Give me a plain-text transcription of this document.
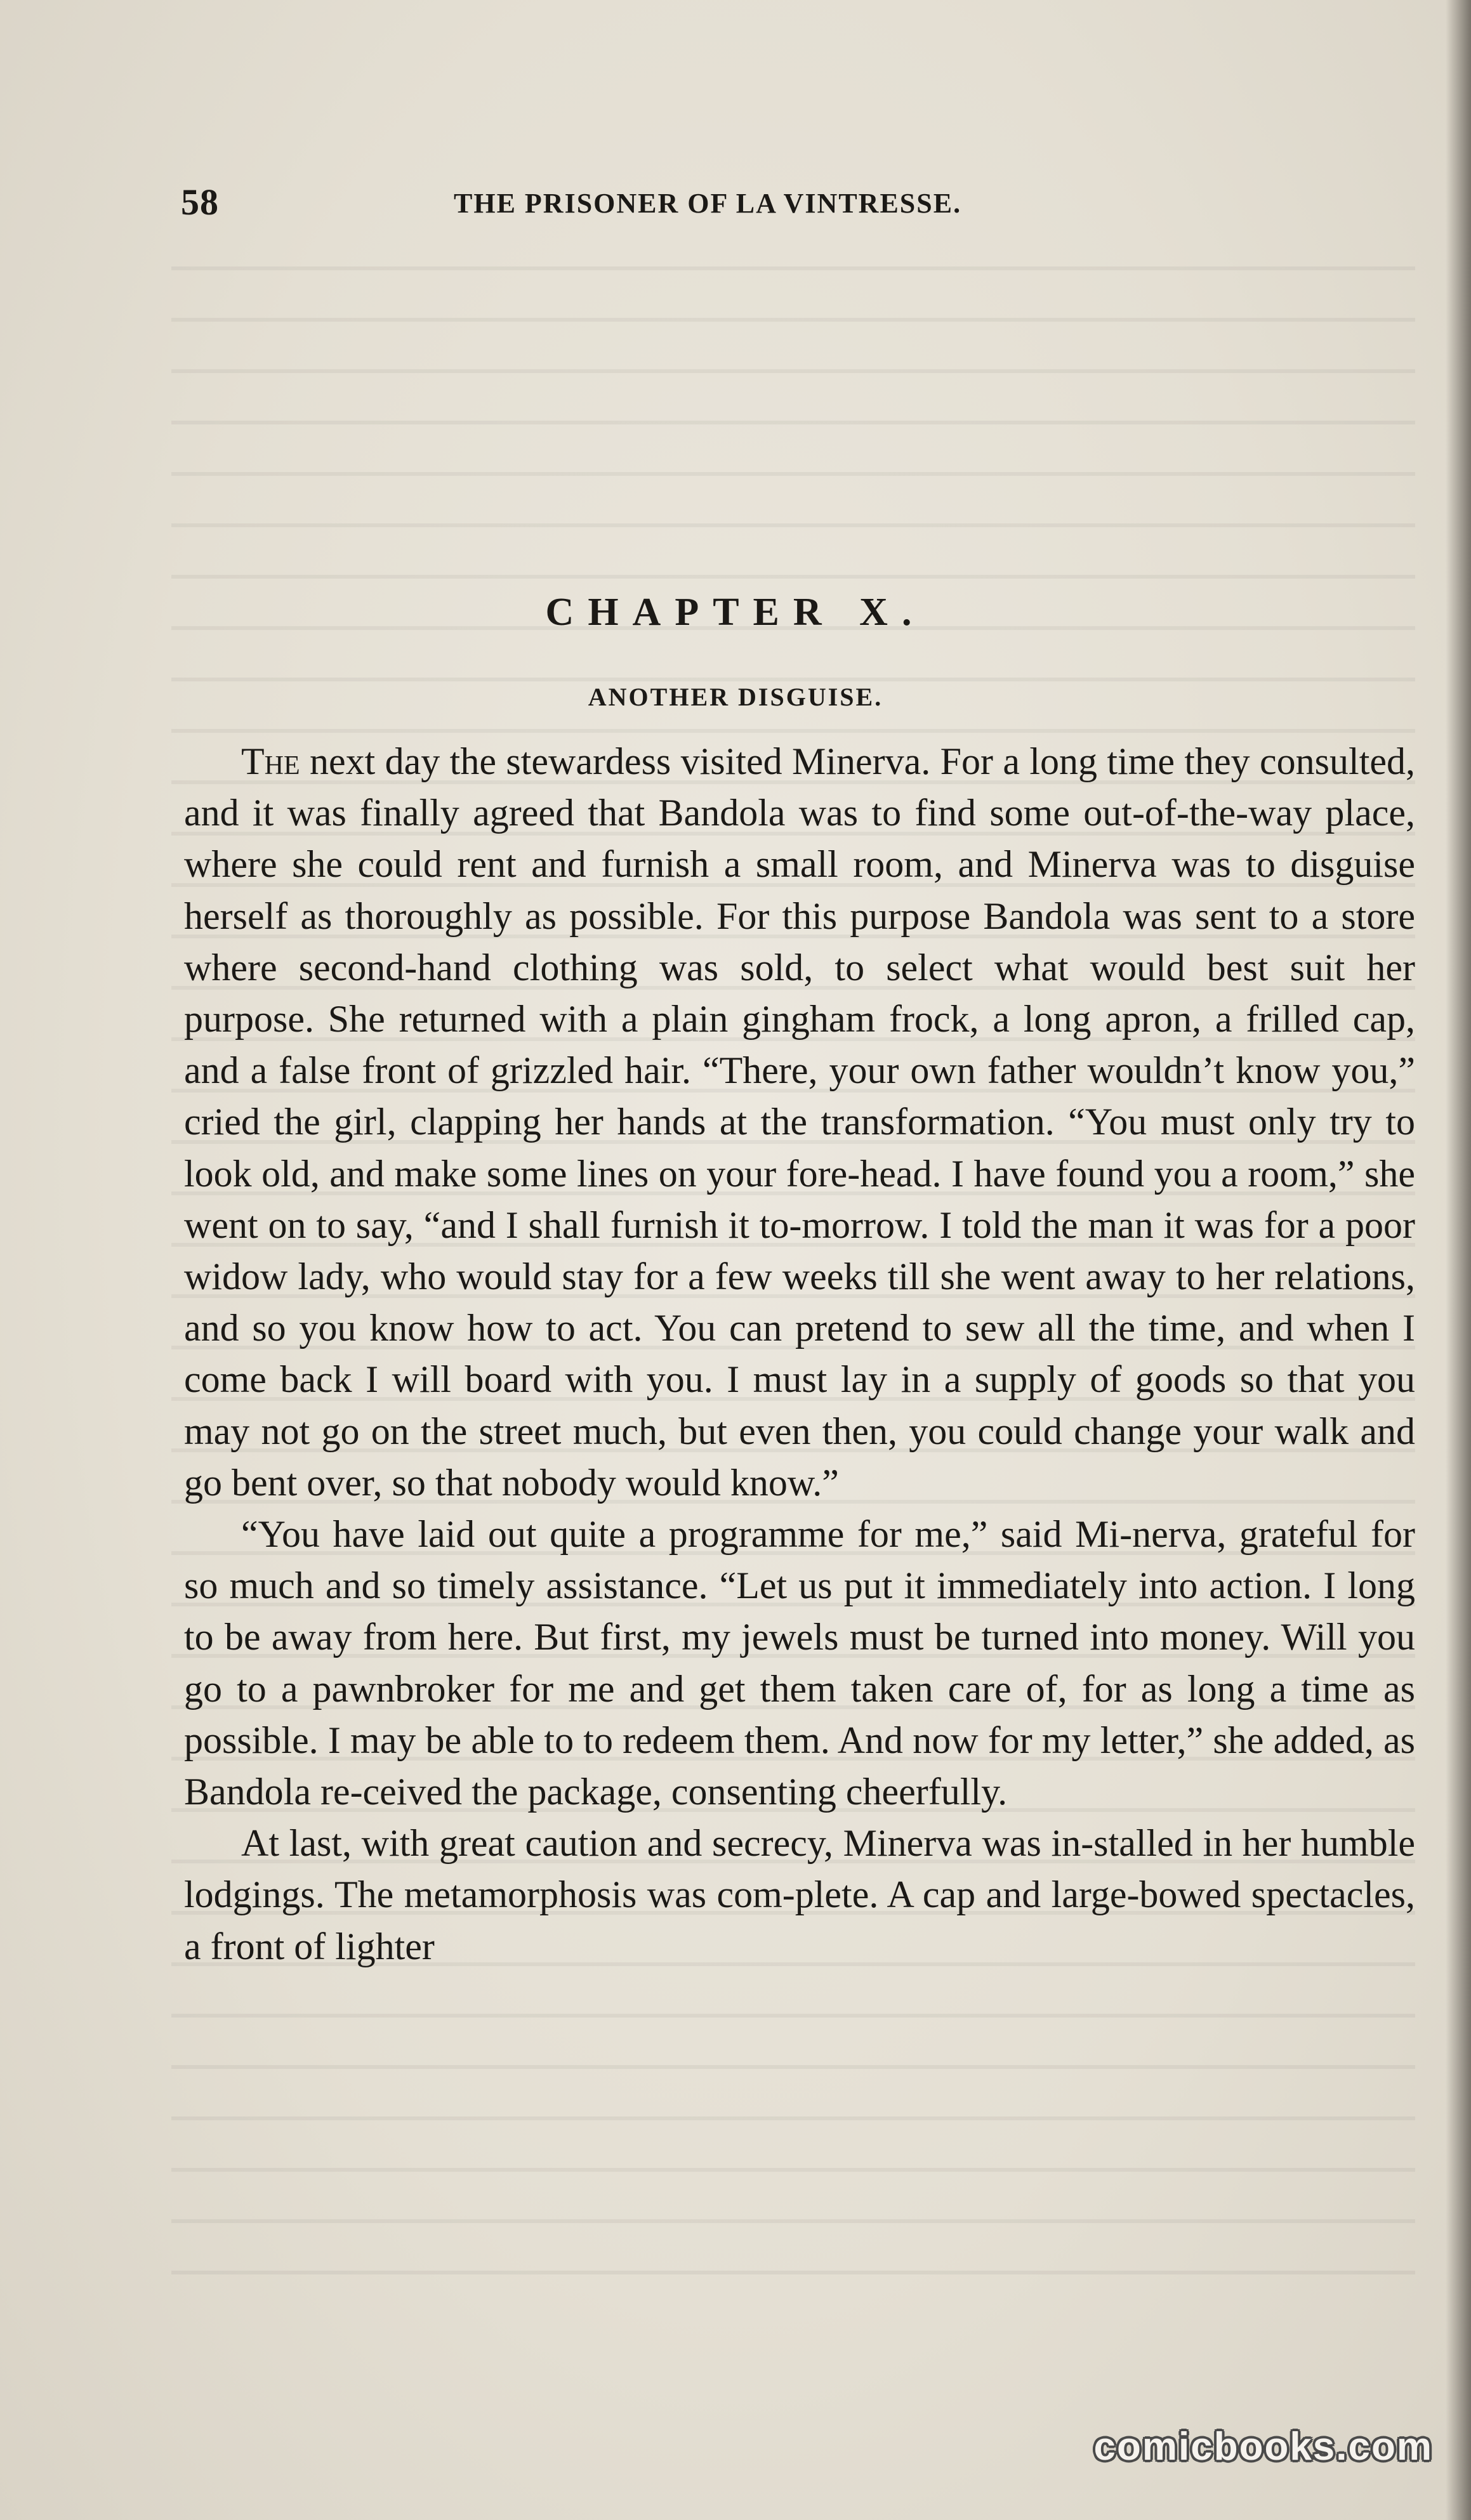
58	THE PRISONER OF LA VINTRESSE.
CHAPTER X.
ANOTHER DISGUISE.

The next day the stewardess visited Minerva. For a long time they consulted, and it was finally agreed that Bandola was to find some out-of-the-way place, where she could rent and furnish a small room, and Minerva was to disguise herself as thoroughly as possible. For this purpose Bandola was sent to a store where second-hand clothing was sold, to select what would best suit her purpose. She returned with a plain gingham frock, a long apron, a frilled cap, and a false front of grizzled hair. “There, your own father wouldn’t know you,” cried the girl, clapping her hands at the transformation. “You must only try to look old, and make some lines on your fore-head. I have found you a room,” she went on to say, “and I shall furnish it to-morrow. I told the man it was for a poor widow lady, who would stay for a few weeks till she went away to her relations, and so you know how to act. You can pretend to sew all the time, and when I come back I will board with you. I must lay in a supply of goods so that you may not go on the street much, but even then, you could change your walk and go bent over, so that nobody would know.”

“You have laid out quite a programme for me,” said Mi-nerva, grateful for so much and so timely assistance. “Let us put it immediately into action. I long to be away from here. But first, my jewels must be turned into money. Will you go to a pawnbroker for me and get them taken care of, for as long a time as possible. I may be able to to redeem them. And now for my letter,” she added, as Bandola re-ceived the package, consenting cheerfully.

At last, with great caution and secrecy, Minerva was in-stalled in her humble lodgings. The metamorphosis was com-plete. A cap and large-bowed spectacles, a front of lighter

comicbooks.com
